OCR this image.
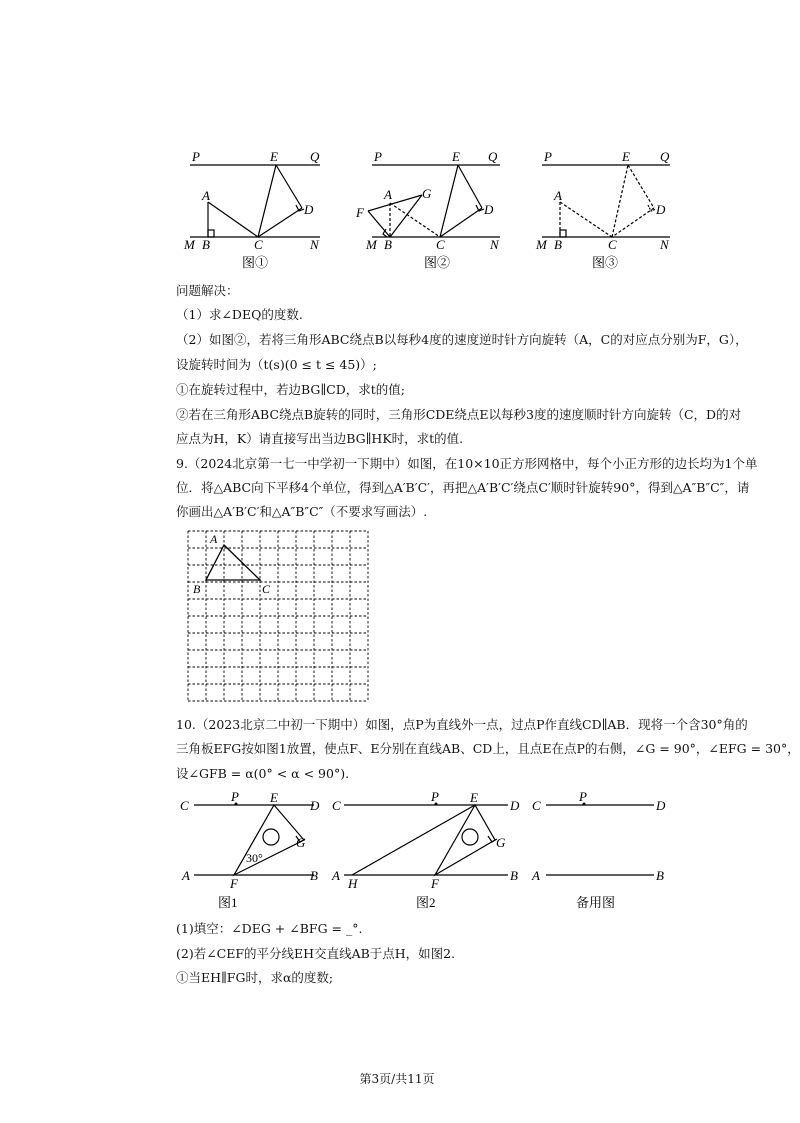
P	E Q
A
D
M B	C	N
图①
P	E Q
A G
F	D
M B	C	N
图②
P	E Q
A
D
M B	C	N
图③
问题解决：
（1）求∠DEQ的度数.
（2）如图②，若将三角形ABC绕点B以每秒4度的速度逆时针方向旋转（A，C的对应点分别为F，G），
设旋转时间为（t(s)(0 ≤ t ≤ 45)）;
①在旋转过程中，若边BG∥CD，求t的值;
②若在三角形ABC绕点B旋转的同时，三角形CDE绕点E以每秒3度的速度顺时针方向旋转（C，D的对
应点为H，K）请直接写出当边BG∥HK时，求t的值.
9.（2024北京第一七一中学初一下期中）如图，在10×10正方形网格中，每个小正方形的边长均为1个单
位．将△ABC向下平移4个单位，得到△A′B′C′，再把△A′B′C′绕点C′顺时针旋转90°，得到△A″B″C″，请
你画出△A′B′C′和△A″B″C″（不要求写画法）.
A
B	C
10.（2023北京二中初一下期中）如图，点P为直线外一点，过点P作直线CD∥AB．现将一个含30°角的
三角板EFG按如图1放置，使点F、E分别在直线AB、CD上，且点E在点P的右侧，∠G = 90°，∠EFG = 30°，
设∠GFB = α(0° < α < 90°).
C
P E
D
G
A
F
B
30°
图1
C
P E
D
G
A
H	F
B
图2
C
P
D
A	B
备用图
(1)填空：∠DEG + ∠BFG = _°.
(2)若∠CEF的平分线EH交直线AB于点H，如图2.
①当EH∥FG时，求α的度数;
第3页/共11页
